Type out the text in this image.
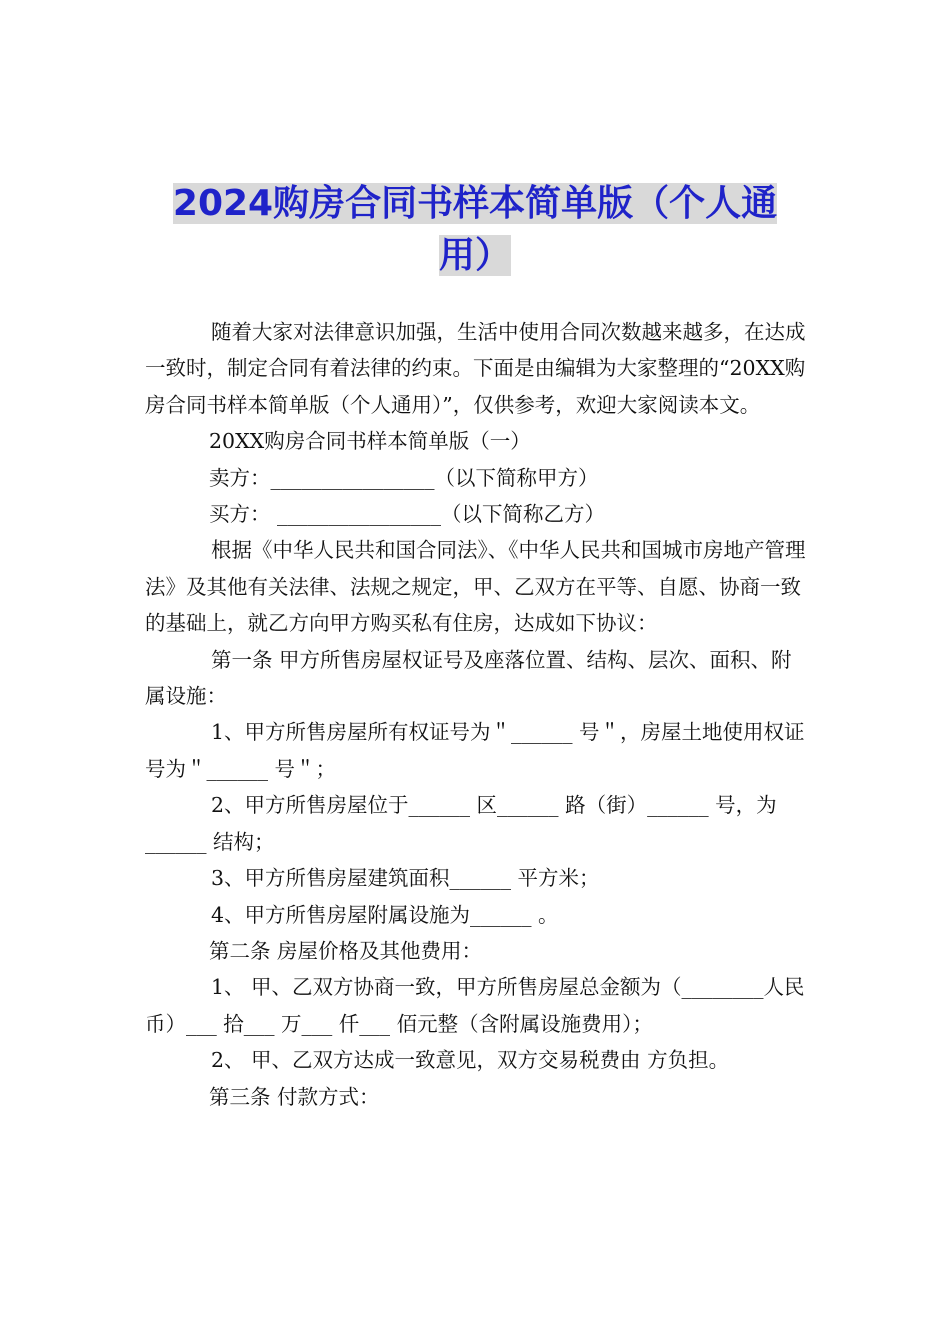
2024购房合同书样本简单版（个人通用）

随着大家对法律意识加强，生活中使用合同次数越来越多，在达成一致时，制定合同有着法律的约束。下面是由编辑为大家整理的“20XX购房合同书样本简单版（个人通用）”，仅供参考，欢迎大家阅读本文。

20XX购房合同书样本简单版（一）

卖方：________________（以下简称甲方）

买方： ________________（以下简称乙方）

根据《中华人民共和国合同法》、《中华人民共和国城市房地产管理法》及其他有关法律、法规之规定，甲、乙双方在平等、自愿、协商一致的基础上，就乙方向甲方购买私有住房，达成如下协议：

第一条 甲方所售房屋权证号及座落位置、结构、层次、面积、附属设施：

1、甲方所售房屋所有权证号为＂______ 号＂，房屋土地使用权证号为＂______ 号＂；

2、甲方所售房屋位于______ 区______ 路（街）______ 号，为______ 结构；

3、甲方所售房屋建筑面积______ 平方米；

4、甲方所售房屋附属设施为______ 。

第二条 房屋价格及其他费用：

1、 甲、乙双方协商一致，甲方所售房屋总金额为（________人民币）___ 拾___ 万___ 仟___ 佰元整（含附属设施费用）；

2、 甲、乙双方达成一致意见，双方交易税费由 方负担。

第三条 付款方式：
